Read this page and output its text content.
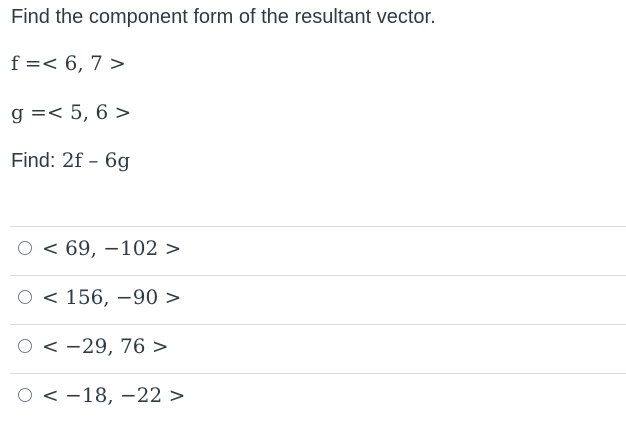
Find the component form of the resultant vector.
f =< 6, 7 >
g =< 5, 6 >
Find: 2f – 6g
< 69, −102 >
< 156, −90 >
< −29, 76 >
< −18, −22 >
